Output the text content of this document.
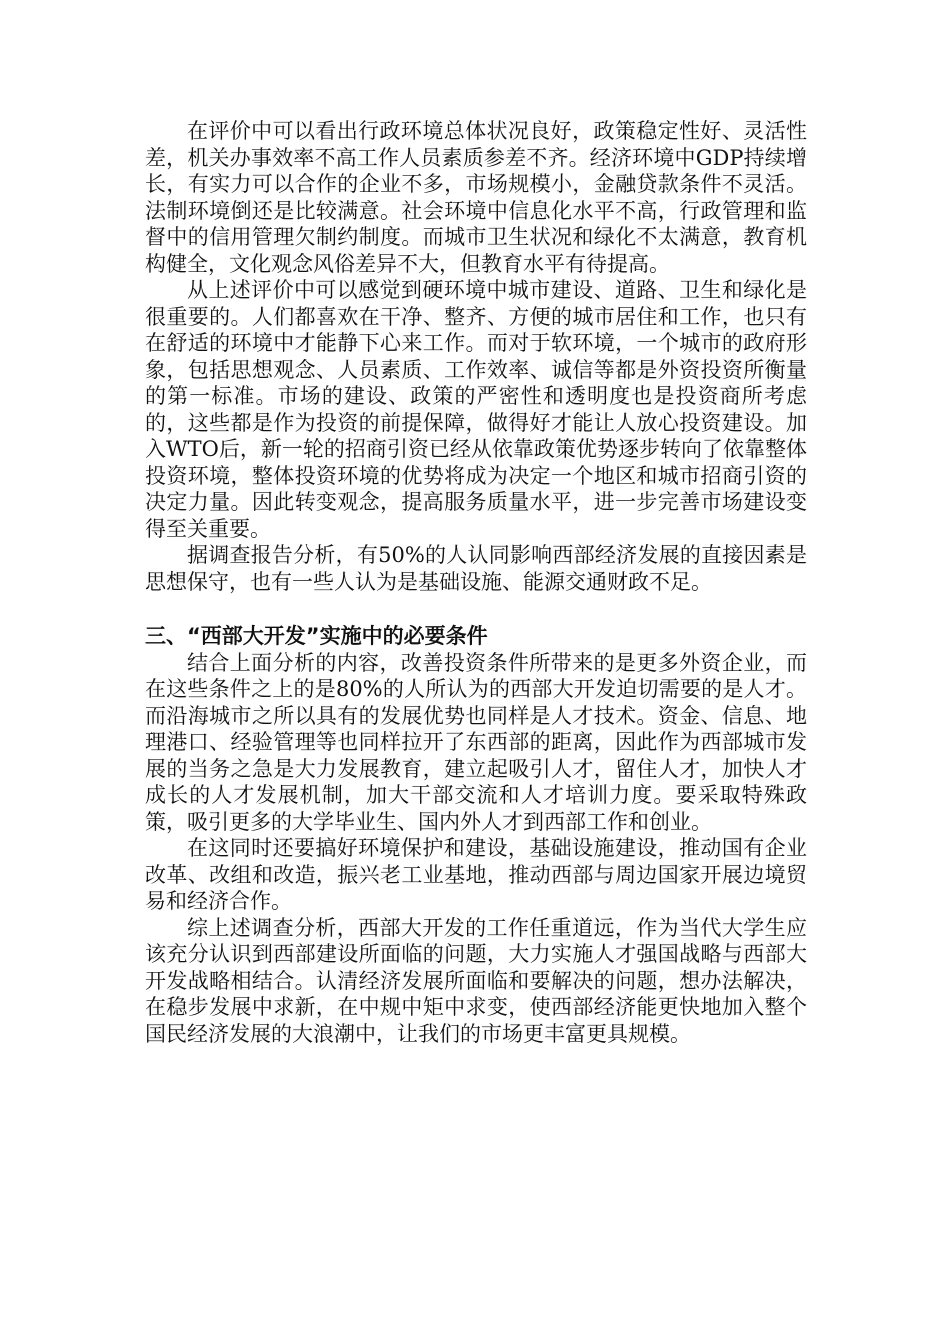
在评价中可以看出行政环境总体状况良好，政策稳定性好、灵活性差，机关办事效率不高工作人员素质参差不齐。经济环境中GDP持续增长，有实力可以合作的企业不多，市场规模小，金融贷款条件不灵活。法制环境倒还是比较满意。社会环境中信息化水平不高，行政管理和监督中的信用管理欠制约制度。而城市卫生状况和绿化不太满意，教育机构健全，文化观念风俗差异不大，但教育水平有待提高。

从上述评价中可以感觉到硬环境中城市建设、道路、卫生和绿化是很重要的。人们都喜欢在干净、整齐、方便的城市居住和工作，也只有在舒适的环境中才能静下心来工作。而对于软环境，一个城市的政府形象，包括思想观念、人员素质、工作效率、诚信等都是外资投资所衡量的第一标准。市场的建设、政策的严密性和透明度也是投资商所考虑的，这些都是作为投资的前提保障，做得好才能让人放心投资建设。加入WTO后，新一轮的招商引资已经从依靠政策优势逐步转向了依靠整体投资环境，整体投资环境的优势将成为决定一个地区和城市招商引资的决定力量。因此转变观念，提高服务质量水平，进一步完善市场建设变得至关重要。

据调查报告分析，有50%的人认同影响西部经济发展的直接因素是思想保守，也有一些人认为是基础设施、能源交通财政不足。

三、“西部大开发”实施中的必要条件

结合上面分析的内容，改善投资条件所带来的是更多外资企业，而在这些条件之上的是80%的人所认为的西部大开发迫切需要的是人才。而沿海城市之所以具有的发展优势也同样是人才技术。资金、信息、地理港口、经验管理等也同样拉开了东西部的距离，因此作为西部城市发展的当务之急是大力发展教育，建立起吸引人才，留住人才，加快人才成长的人才发展机制，加大干部交流和人才培训力度。要采取特殊政策，吸引更多的大学毕业生、国内外人才到西部工作和创业。

在这同时还要搞好环境保护和建设，基础设施建设，推动国有企业改革、改组和改造，振兴老工业基地，推动西部与周边国家开展边境贸易和经济合作。

综上述调查分析，西部大开发的工作任重道远，作为当代大学生应该充分认识到西部建设所面临的问题，大力实施人才强国战略与西部大开发战略相结合。认清经济发展所面临和要解决的问题，想办法解决，在稳步发展中求新，在中规中矩中求变，使西部经济能更快地加入整个国民经济发展的大浪潮中，让我们的市场更丰富更具规模。
